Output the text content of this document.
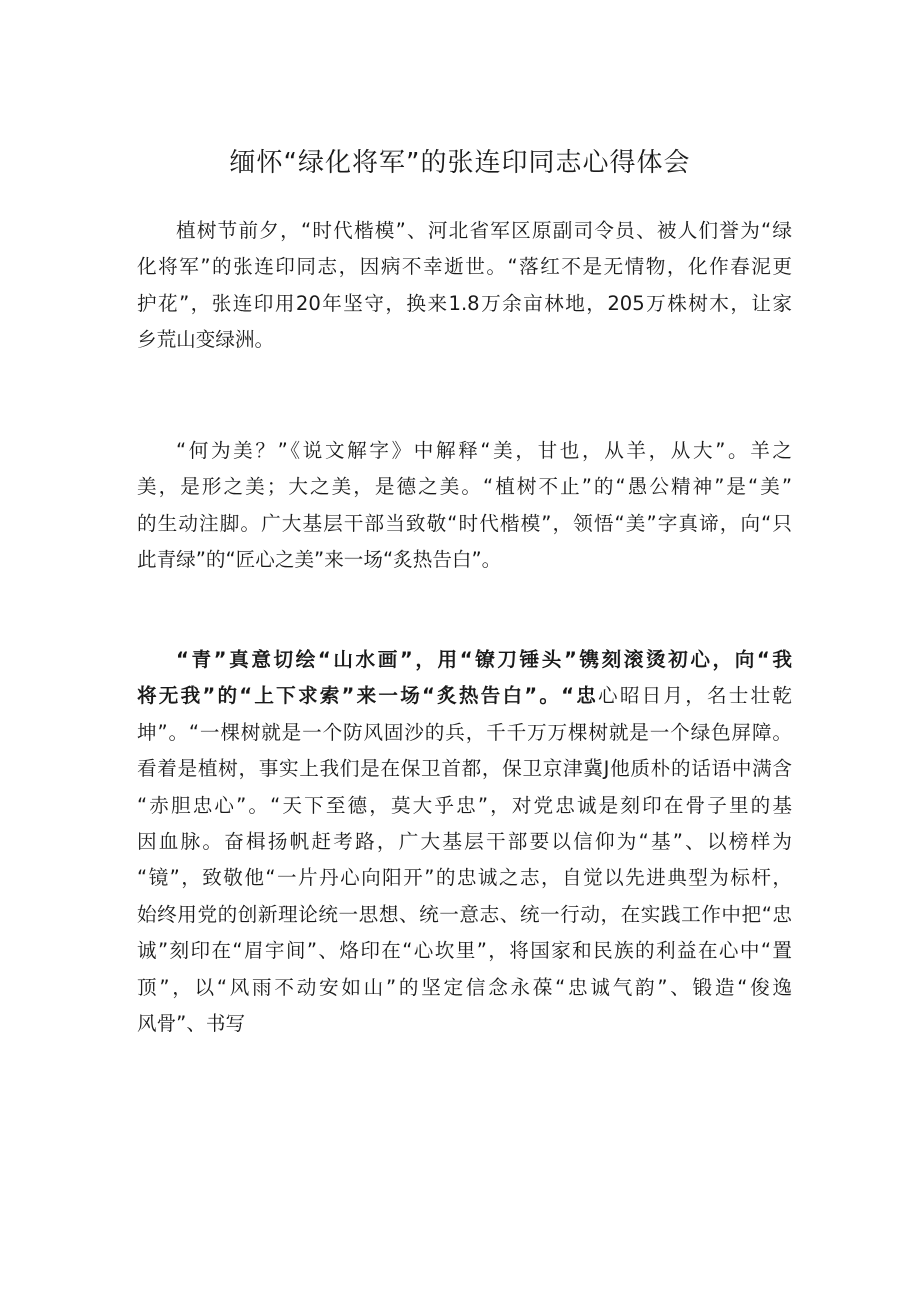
缅怀“绿化将军”的张连印同志心得体会

植树节前夕，“时代楷模”、河北省军区原副司令员、被人们誉为“绿
化将军”的张连印同志，因病不幸逝世。“落红不是无情物，化作春泥更
护花”，张连印用20年坚守，换来1.8万余亩林地，205万株树木，让家
乡荒山变绿洲。

“何为美？”《说文解字》中解释“美，甘也，从羊，从大”。羊之
美，是形之美；大之美，是德之美。“植树不止”的“愚公精神”是“美”
的生动注脚。广大基层干部当致敬“时代楷模”，领悟“美”字真谛，向“只
此青绿”的“匠心之美”来一场“炙热告白”。

“青”真意切绘“山水画”，用“镣刀锤头”镌刻滚烫初心，向“我
将无我”的“上下求索”来一场“炙热告白”。“忠心昭日月，名士壮乾
坤”。“一棵树就是一个防风固沙的兵，千千万万棵树就是一个绿色屏障。
看着是植树，事实上我们是在保卫首都，保卫京津冀J他质朴的话语中满含
“赤胆忠心”。“天下至德，莫大乎忠”，对党忠诚是刻印在骨子里的基
因血脉。奋楫扬帆赶考路，广大基层干部要以信仰为“基”、以榜样为
“镜”，致敬他“一片丹心向阳开”的忠诚之志，自觉以先进典型为标杆，
始终用党的创新理论统一思想、统一意志、统一行动，在实践工作中把“忠
诚”刻印在“眉宇间”、烙印在“心坎里”，将国家和民族的利益在心中“置
顶”，以“风雨不动安如山”的坚定信念永葆“忠诚气韵”、锻造“俊逸
风骨”、书写
